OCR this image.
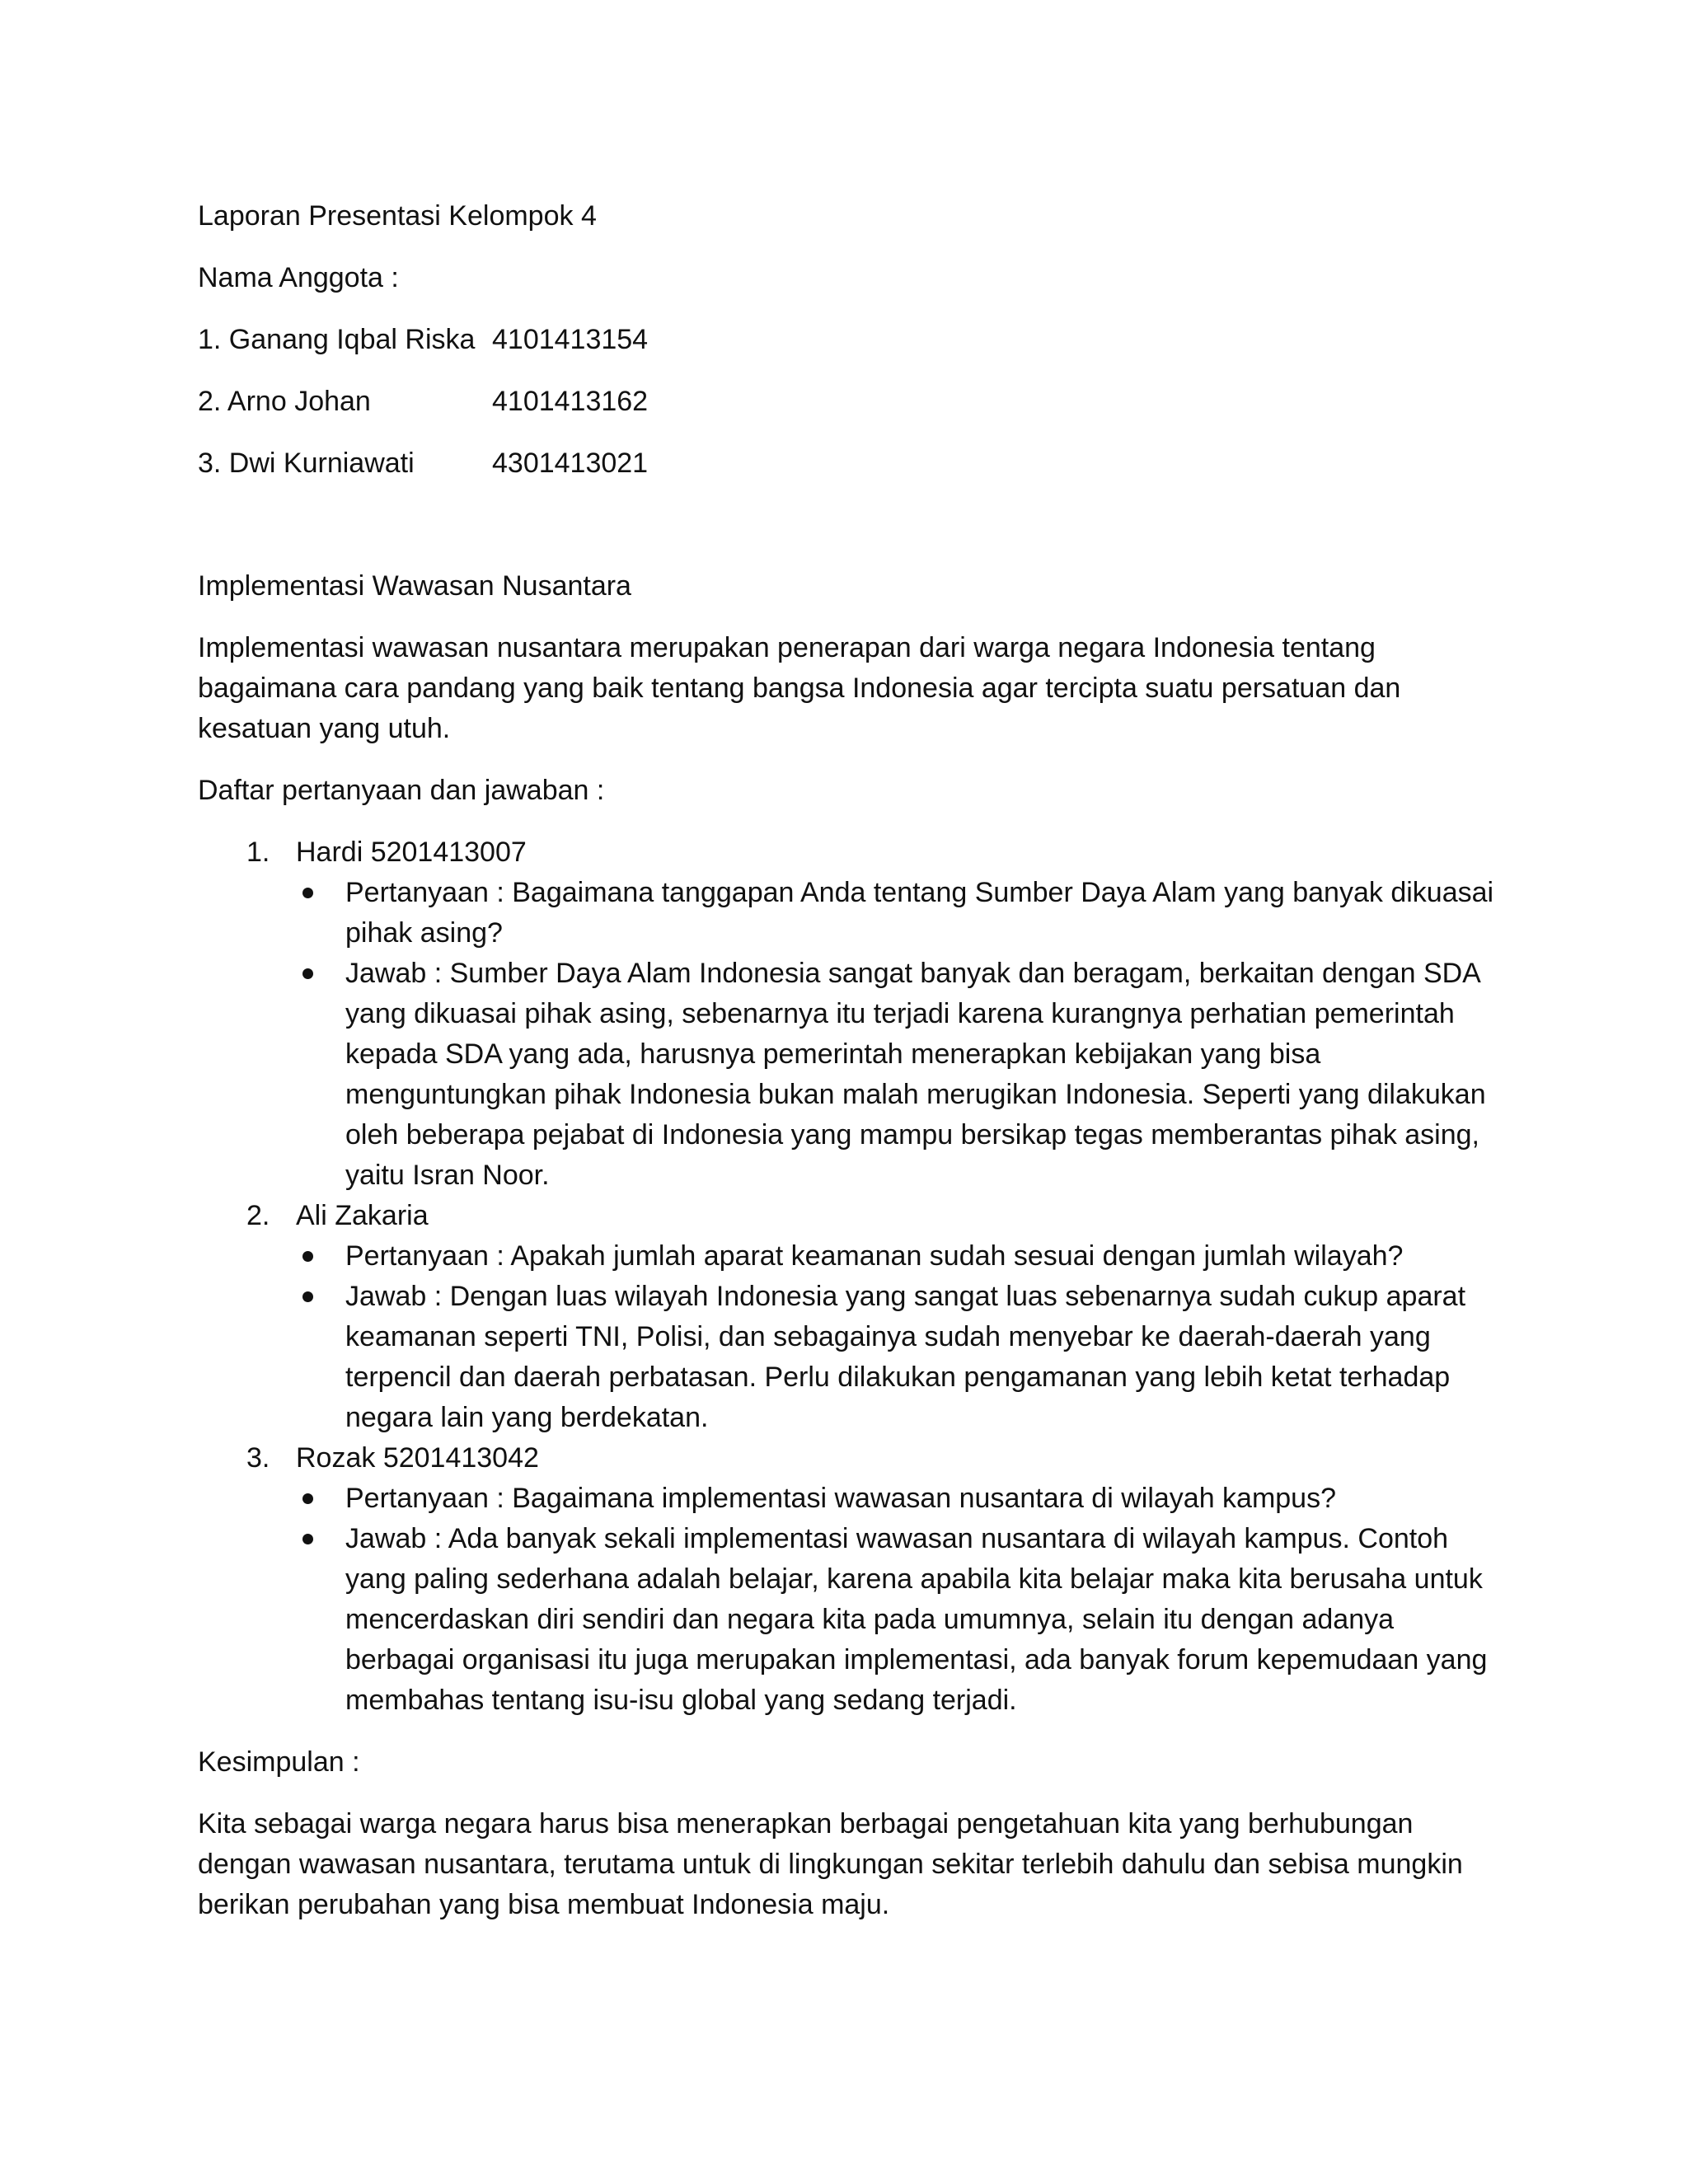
Laporan Presentasi Kelompok 4

Nama Anggota :

1. Ganang Iqbal Riska 4101413154
2. Arno Johan	4101413162
3. Dwi Kurniawati	4301413021

Implementasi Wawasan Nusantara

Implementasi wawasan nusantara merupakan penerapan dari warga negara Indonesia tentang bagaimana cara pandang yang baik tentang bangsa Indonesia agar tercipta suatu persatuan dan kesatuan yang utuh.

Daftar pertanyaan dan jawaban :

1. Hardi 5201413007
Pertanyaan : Bagaimana tanggapan Anda tentang Sumber Daya Alam yang banyak dikuasai pihak asing?
Jawab : Sumber Daya Alam Indonesia sangat banyak dan beragam, berkaitan dengan SDA yang dikuasai pihak asing, sebenarnya itu terjadi karena kurangnya perhatian pemerintah kepada SDA yang ada, harusnya pemerintah menerapkan kebijakan yang bisa menguntungkan pihak Indonesia bukan malah merugikan Indonesia. Seperti yang dilakukan oleh beberapa pejabat di Indonesia yang mampu bersikap tegas memberantas pihak asing, yaitu Isran Noor.
2. Ali Zakaria
Pertanyaan : Apakah jumlah aparat keamanan sudah sesuai dengan jumlah wilayah?
Jawab : Dengan luas wilayah Indonesia yang sangat luas sebenarnya sudah cukup aparat keamanan seperti TNI, Polisi, dan sebagainya sudah menyebar ke daerah-daerah yang terpencil dan daerah perbatasan. Perlu dilakukan pengamanan yang lebih ketat terhadap negara lain yang berdekatan.
3. Rozak 5201413042
Pertanyaan : Bagaimana implementasi wawasan nusantara di wilayah kampus?
Jawab : Ada banyak sekali implementasi wawasan nusantara di wilayah kampus. Contoh yang paling sederhana adalah belajar, karena apabila kita belajar maka kita berusaha untuk mencerdaskan diri sendiri dan negara kita pada umumnya, selain itu dengan adanya berbagai organisasi itu juga merupakan implementasi, ada banyak forum kepemudaan yang membahas tentang isu-isu global yang sedang terjadi.

Kesimpulan :

Kita sebagai warga negara harus bisa menerapkan berbagai pengetahuan kita yang berhubungan dengan wawasan nusantara, terutama untuk di lingkungan sekitar terlebih dahulu dan sebisa mungkin berikan perubahan yang bisa membuat Indonesia maju.
